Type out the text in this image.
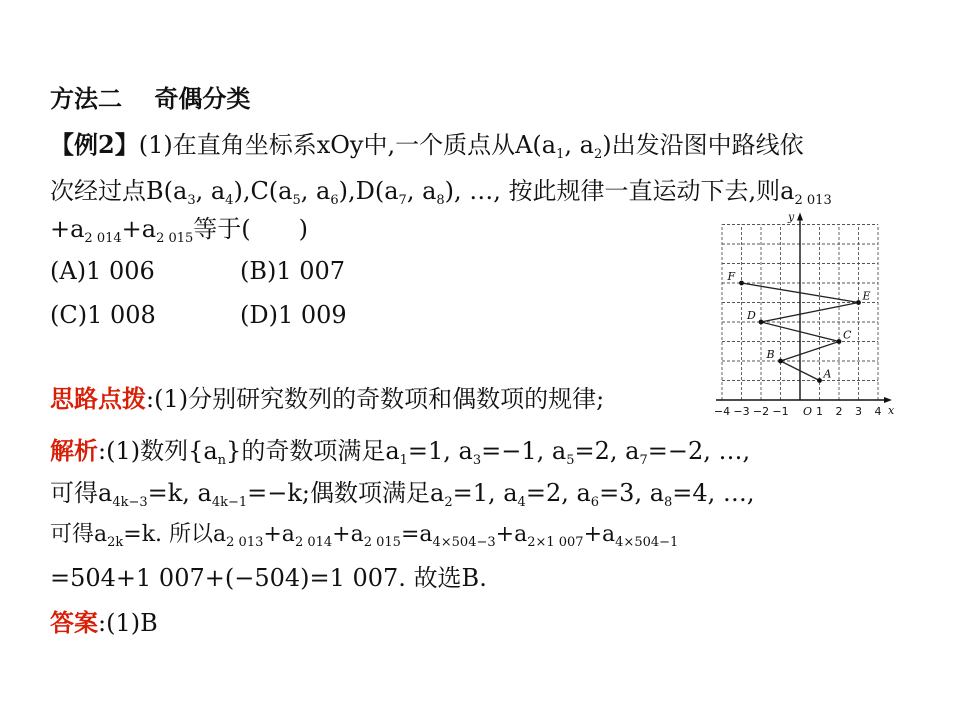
方法二　 奇偶分类
【例2】(1)在直角坐标系xOy中,一个质点从$A(a_1$, $a_2$)出发沿图中路线依
次经过点$B(a_3$, $a_4),C(a_5$, $a_6),D(a_7$, $a_8$), …, 按此规律一直运动下去,则$a_{2 013}$
$+a_{2 014}+a_{2 015}$等于(　　)
(A)1 006	(B)1 007
(C)1 008	(D)1 009
思路点拨:(1)分别研究数列的奇数项和偶数项的规律;
解析:(1)数列$\{a_n\}$的奇数项满足$a_1=1$, $a_3=-1$, $a_5=2$, $a_7=-2$, …,
可得$a_{4k-3}=k$, $a_{4k-1}=-k$;偶数项满足$a_2=1$, $a_4=2$, $a_6=3$, $a_8=4$, …,
可得$a_{2k}=k$. 所以$a_{2 013}+a_{2 014}+a_{2 015}=a_{4\times 504-3}+a_{2\times 1 007}+a_{4\times 504-1}$
=504+1 007+(−504)=1 007. 故选B.
答案:(1)B
A
B
C
D
E
F
−4 −3 −2 −1 1 2 3 4
O	x
y
